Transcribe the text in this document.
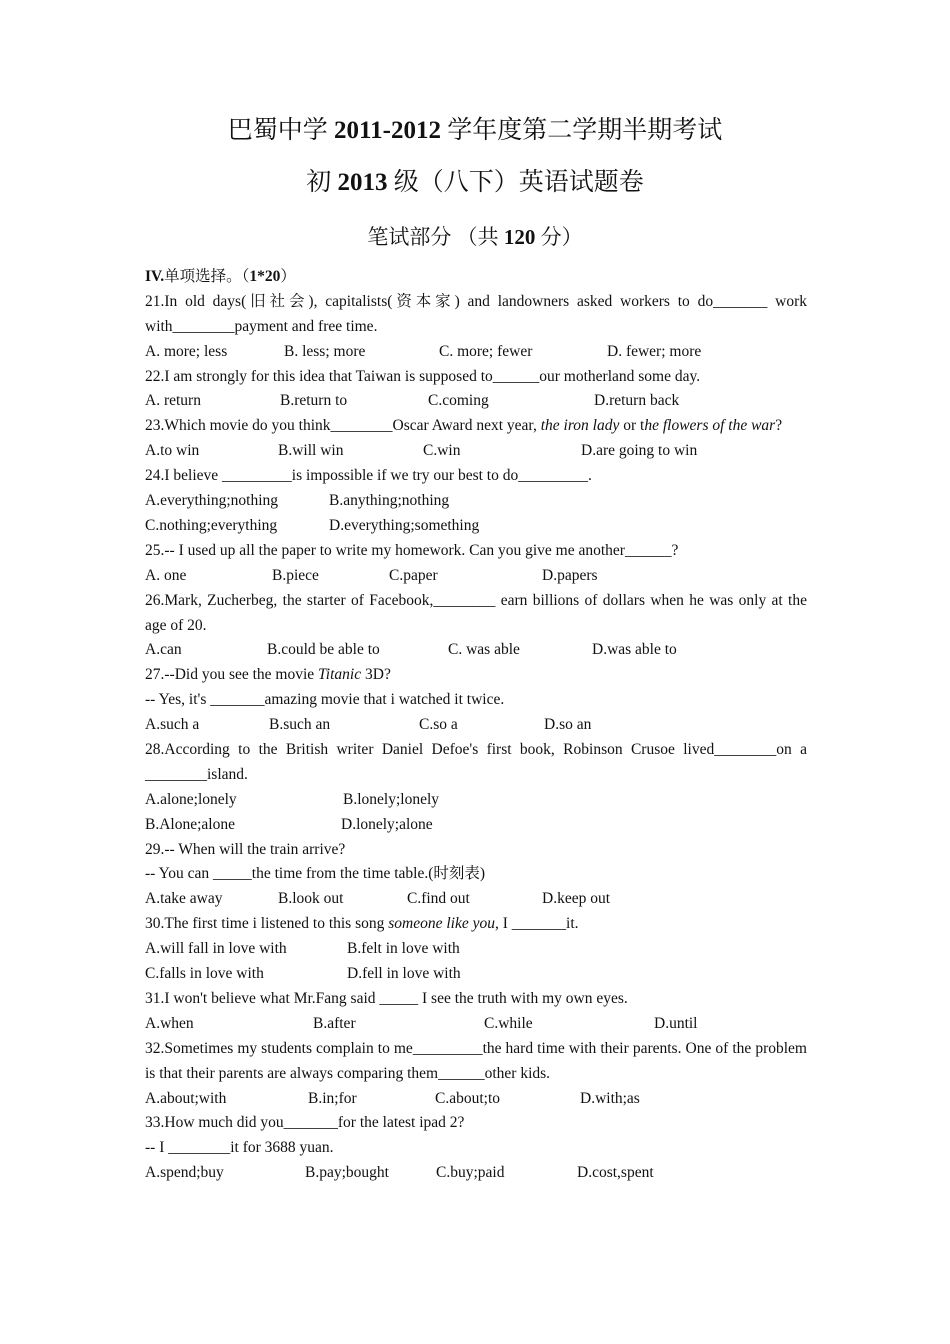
巴蜀中学 2011-2012 学年度第二学期半期考试
初 2013 级（八下）英语试题卷
笔试部分 （共 120 分）
IV.单项选择。（1*20）
21.In old days(旧社会), capitalists(资本家) and landowners asked workers to do_______ work with________payment and free time.
A. more; less	B. less; more	C. more; fewer	D. fewer; more
22.I am strongly for this idea that Taiwan is supposed to______our motherland some day.
A. return	B.return to	C.coming	D.return back
23.Which movie do you think________Oscar Award next year, the iron lady or the flowers of the war?
A.to win	B.will win	C.win	D.are going to win
24.I believe _________is impossible if we try our best to do_________.
A.everything;nothing	B.anything;nothing
C.nothing;everything	D.everything;something
25.-- I used up all the paper to write my homework. Can you give me another______?
A. one	B.piece	C.paper	D.papers
26.Mark, Zucherbeg, the starter of Facebook,________ earn billions of dollars when he was only at the age of 20.
A.can	B.could be able to	C. was able	D.was able to
27.--Did you see the movie Titanic 3D?
-- Yes, it's _______amazing movie that i watched it twice.
A.such a	B.such an	C.so a	D.so an
28.According to the British writer Daniel Defoe's first book, Robinson Crusoe lived________on a ________island.
A.alone;lonely	B.lonely;lonely
B.Alone;alone	D.lonely;alone
29.-- When will the train arrive?
-- You can _____the time from the time table.(时刻表)
A.take away	B.look out	C.find out	D.keep out
30.The first time i listened to this song someone like you, I _______it.
A.will fall in love with	B.felt in love with
C.falls in love with	D.fell in love with
31.I won't believe what Mr.Fang said _____ I see the truth with my own eyes.
A.when	B.after	C.while	D.until
32.Sometimes my students complain to me_________the hard time with their parents. One of the problem is that their parents are always comparing them______other kids.
A.about;with	B.in;for	C.about;to	D.with;as
33.How much did you_______for the latest ipad 2?
-- I ________it for 3688 yuan.
A.spend;buy	B.pay;bought	C.buy;paid	D.cost,spent
